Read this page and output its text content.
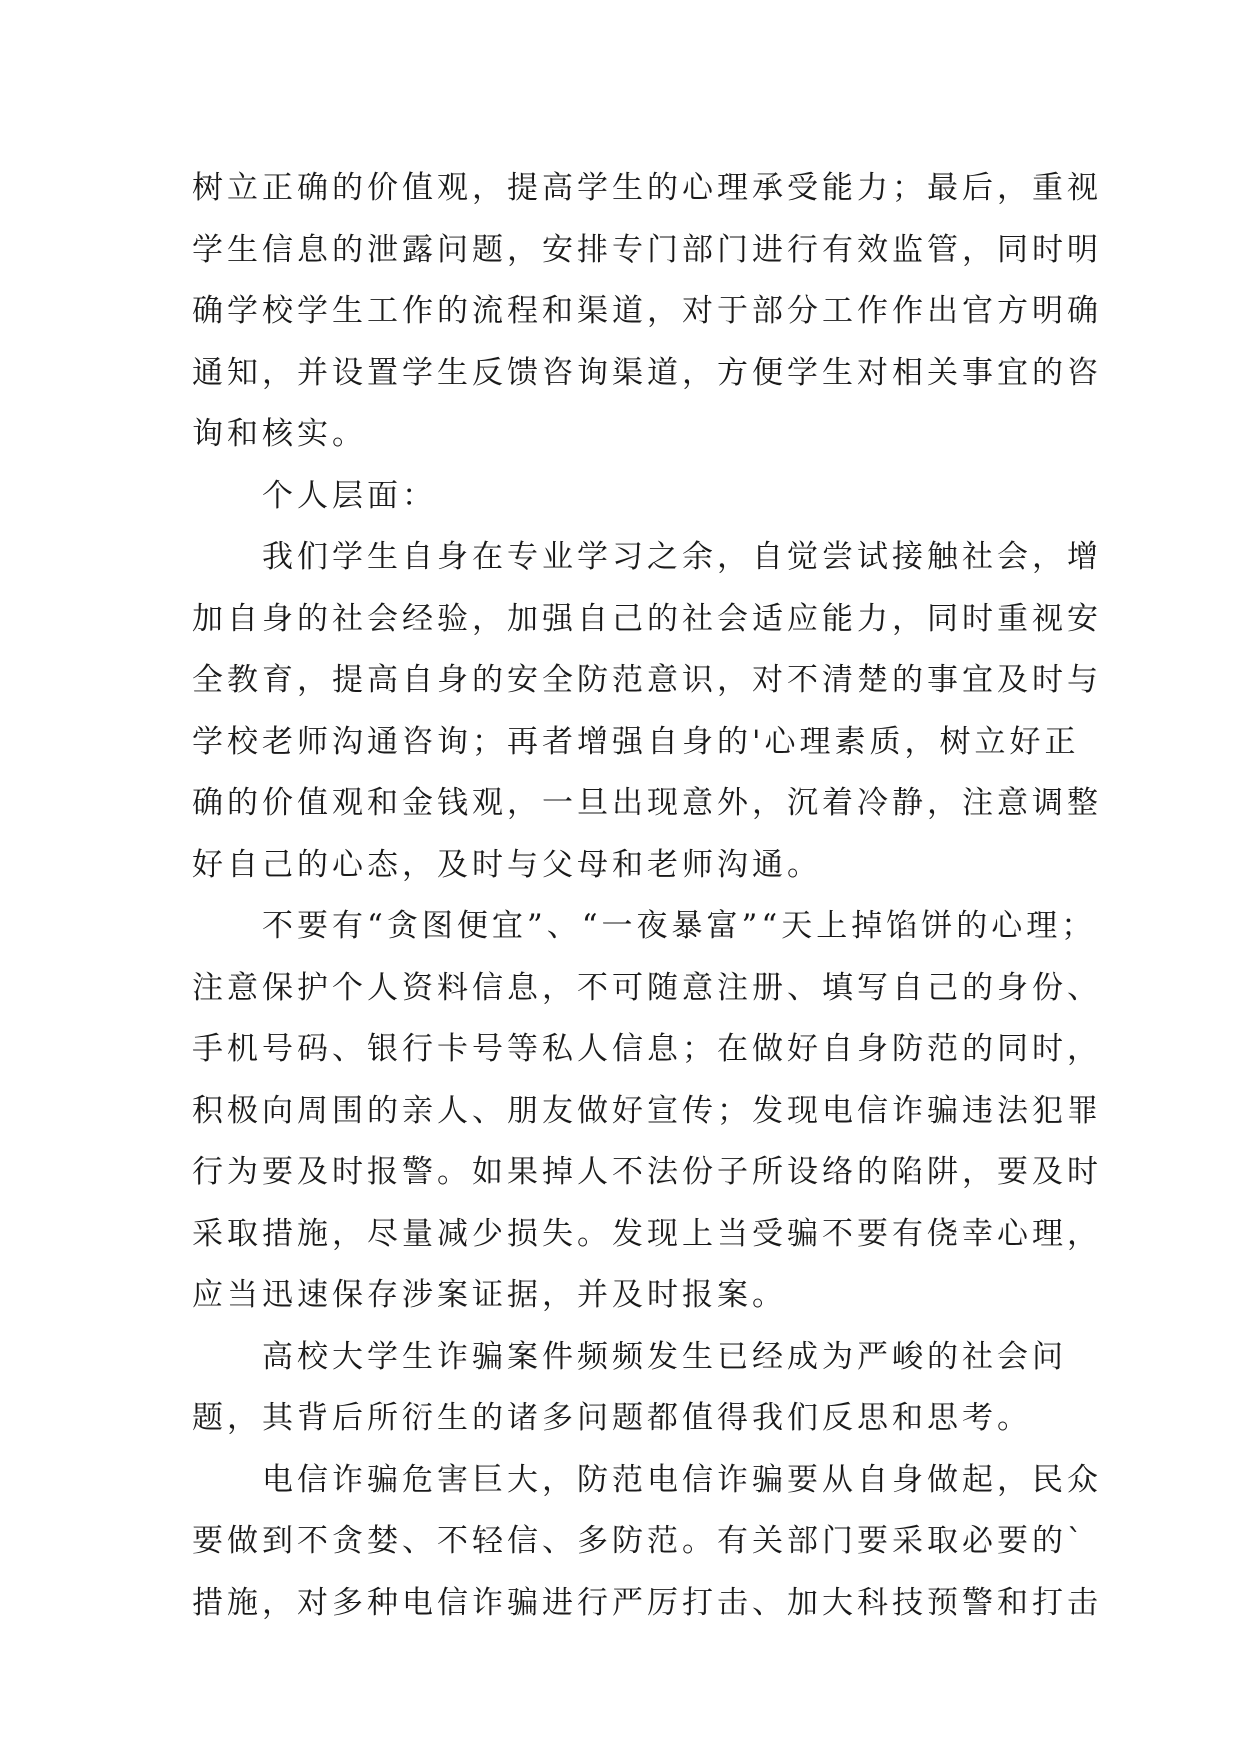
树立正确的价值观，提高学生的心理承受能力；最后，重视
学生信息的泄露问题，安排专门部门进行有效监管，同时明
确学校学生工作的流程和渠道，对于部分工作作出官方明确
通知，并设置学生反馈咨询渠道，方便学生对相关事宜的咨
询和核实。
个人层面：
我们学生自身在专业学习之余，自觉尝试接触社会，增
加自身的社会经验，加强自己的社会适应能力，同时重视安
全教育，提高自身的安全防范意识，对不清楚的事宜及时与
学校老师沟通咨询；再者增强自身的'心理素质，树立好正
确的价值观和金钱观，一旦出现意外，沉着冷静，注意调整
好自己的心态，及时与父母和老师沟通。
不要有“贪图便宜”、“一夜暴富”“天上掉馅饼的心理；
注意保护个人资料信息，不可随意注册、填写自己的身份、
手机号码、银行卡号等私人信息；在做好自身防范的同时，
积极向周围的亲人、朋友做好宣传；发现电信诈骗违法犯罪
行为要及时报警。如果掉人不法份子所设络的陷阱，要及时
采取措施，尽量减少损失。发现上当受骗不要有侥幸心理，
应当迅速保存涉案证据，并及时报案。
高校大学生诈骗案件频频发生已经成为严峻的社会问
题，其背后所衍生的诸多问题都值得我们反思和思考。
电信诈骗危害巨大，防范电信诈骗要从自身做起，民众
要做到不贪婪、不轻信、多防范。有关部门要采取必要的`
措施，对多种电信诈骗进行严厉打击、加大科技预警和打击
